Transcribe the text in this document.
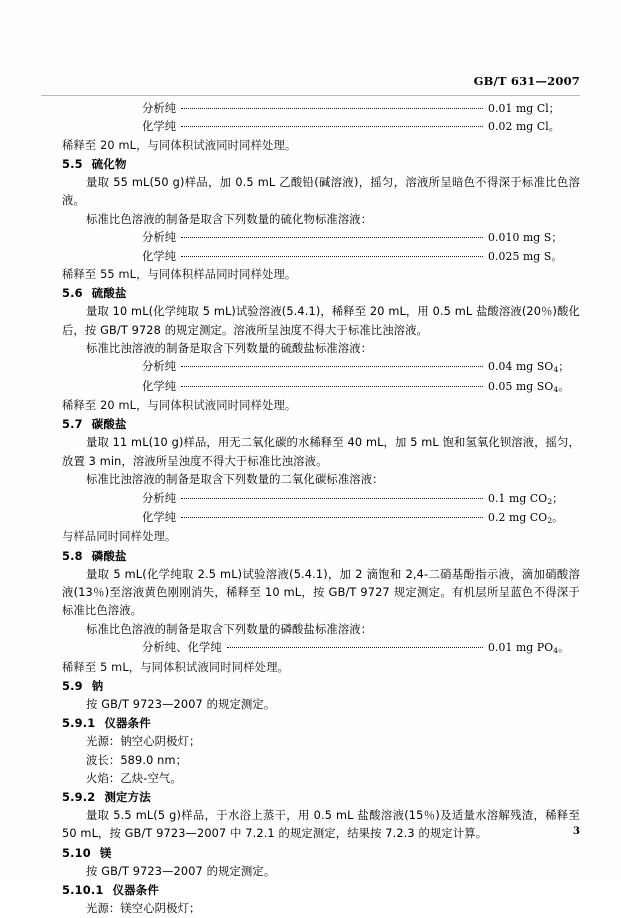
GB/T 631—2007
分析纯	0.01 mg Cl；
化学纯	0.02 mg Cl。
稀释至 20 mL，与同体积试液同时同样处理。
5.5 硫化物
量取 55 mL(50 g)样品，加 0.5 mL 乙酸铅(碱溶液)，摇匀，溶液所呈暗色不得深于标准比色溶液。
标准比色溶液的制备是取含下列数量的硫化物标准溶液：
分析纯	0.010 mg S；
化学纯	0.025 mg S。
稀释至 55 mL，与同体积样品同时同样处理。
5.6 硫酸盐
量取 10 mL(化学纯取 5 mL)试验溶液(5.4.1)，稀释至 20 mL，用 0.5 mL 盐酸溶液(20％)酸化后，按 GB/T 9728 的规定测定。溶液所呈浊度不得大于标准比浊溶液。
标准比浊溶液的制备是取含下列数量的硫酸盐标准溶液：
分析纯	0.04 mg $SO_4$；
化学纯	0.05 mg $SO_4$。
稀释至 20 mL，与同体积试液同时同样处理。
5.7 碳酸盐
量取 11 mL(10 g)样品，用无二氧化碳的水稀释至 40 mL，加 5 mL 饱和氢氧化钡溶液，摇匀，放置 3 min，溶液所呈浊度不得大于标准比浊溶液。
标准比浊溶液的制备是取含下列数量的二氧化碳标准溶液：
分析纯	0.1 mg $CO_2$；
化学纯	0.2 mg $CO_2$。
与样品同时同样处理。
5.8 磷酸盐
量取 5 mL(化学纯取 2.5 mL)试验溶液(5.4.1)，加 2 滴饱和 2,4-二硝基酚指示液，滴加硝酸溶液(13％)至溶液黄色刚刚消失，稀释至 10 mL，按 GB/T 9727 规定测定。有机层所呈蓝色不得深于标准比色溶液。
标准比色溶液的制备是取含下列数量的磷酸盐标准溶液：
分析纯、化学纯	0.01 mg $PO_4$。
稀释至 5 mL，与同体积试液同时同样处理。
5.9 钠
按 GB/T 9723—2007 的规定测定。
5.9.1 仪器条件
光源：钠空心阴极灯；
波长：589.0 nm；
火焰：乙炔-空气。
5.9.2 测定方法
量取 5.5 mL(5 g)样品，于水浴上蒸干，用 0.5 mL 盐酸溶液(15％)及适量水溶解残渣，稀释至 50 mL，按 GB/T 9723—2007 中 7.2.1 的规定测定，结果按 7.2.3 的规定计算。
5.10 镁
按 GB/T 9723—2007 的规定测定。
5.10.1 仪器条件
光源：镁空心阴极灯；
3
